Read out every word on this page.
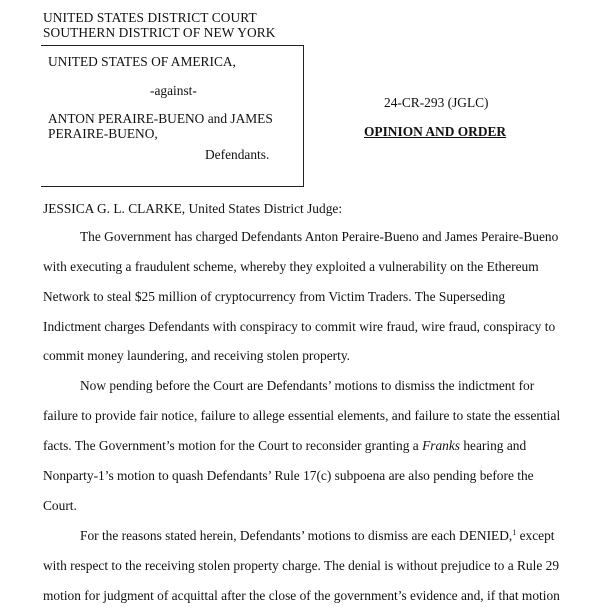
UNITED STATES DISTRICT COURT
SOUTHERN DISTRICT OF NEW YORK
UNITED STATES OF AMERICA,
-against-
ANTON PERAIRE-BUENO and JAMES
PERAIRE-BUENO,
Defendants.
24-CR-293 (JGLC)
OPINION AND ORDER
JESSICA G. L. CLARKE, United States District Judge:
The Government has charged Defendants Anton Peraire-Bueno and James Peraire-Bueno
with executing a fraudulent scheme, whereby they exploited a vulnerability on the Ethereum
Network to steal $25 million of cryptocurrency from Victim Traders. The Superseding
Indictment charges Defendants with conspiracy to commit wire fraud, wire fraud, conspiracy to
commit money laundering, and receiving stolen property.
Now pending before the Court are Defendants’ motions to dismiss the indictment for
failure to provide fair notice, failure to allege essential elements, and failure to state the essential
facts. The Government’s motion for the Court to reconsider granting a Franks hearing and
Nonparty-1’s motion to quash Defendants’ Rule 17(c) subpoena are also pending before the
Court.
For the reasons stated herein, Defendants’ motions to dismiss are each DENIED,$^1$ except
with respect to the receiving stolen property charge. The denial is without prejudice to a Rule 29
motion for judgment of acquittal after the close of the government’s evidence and, if that motion
